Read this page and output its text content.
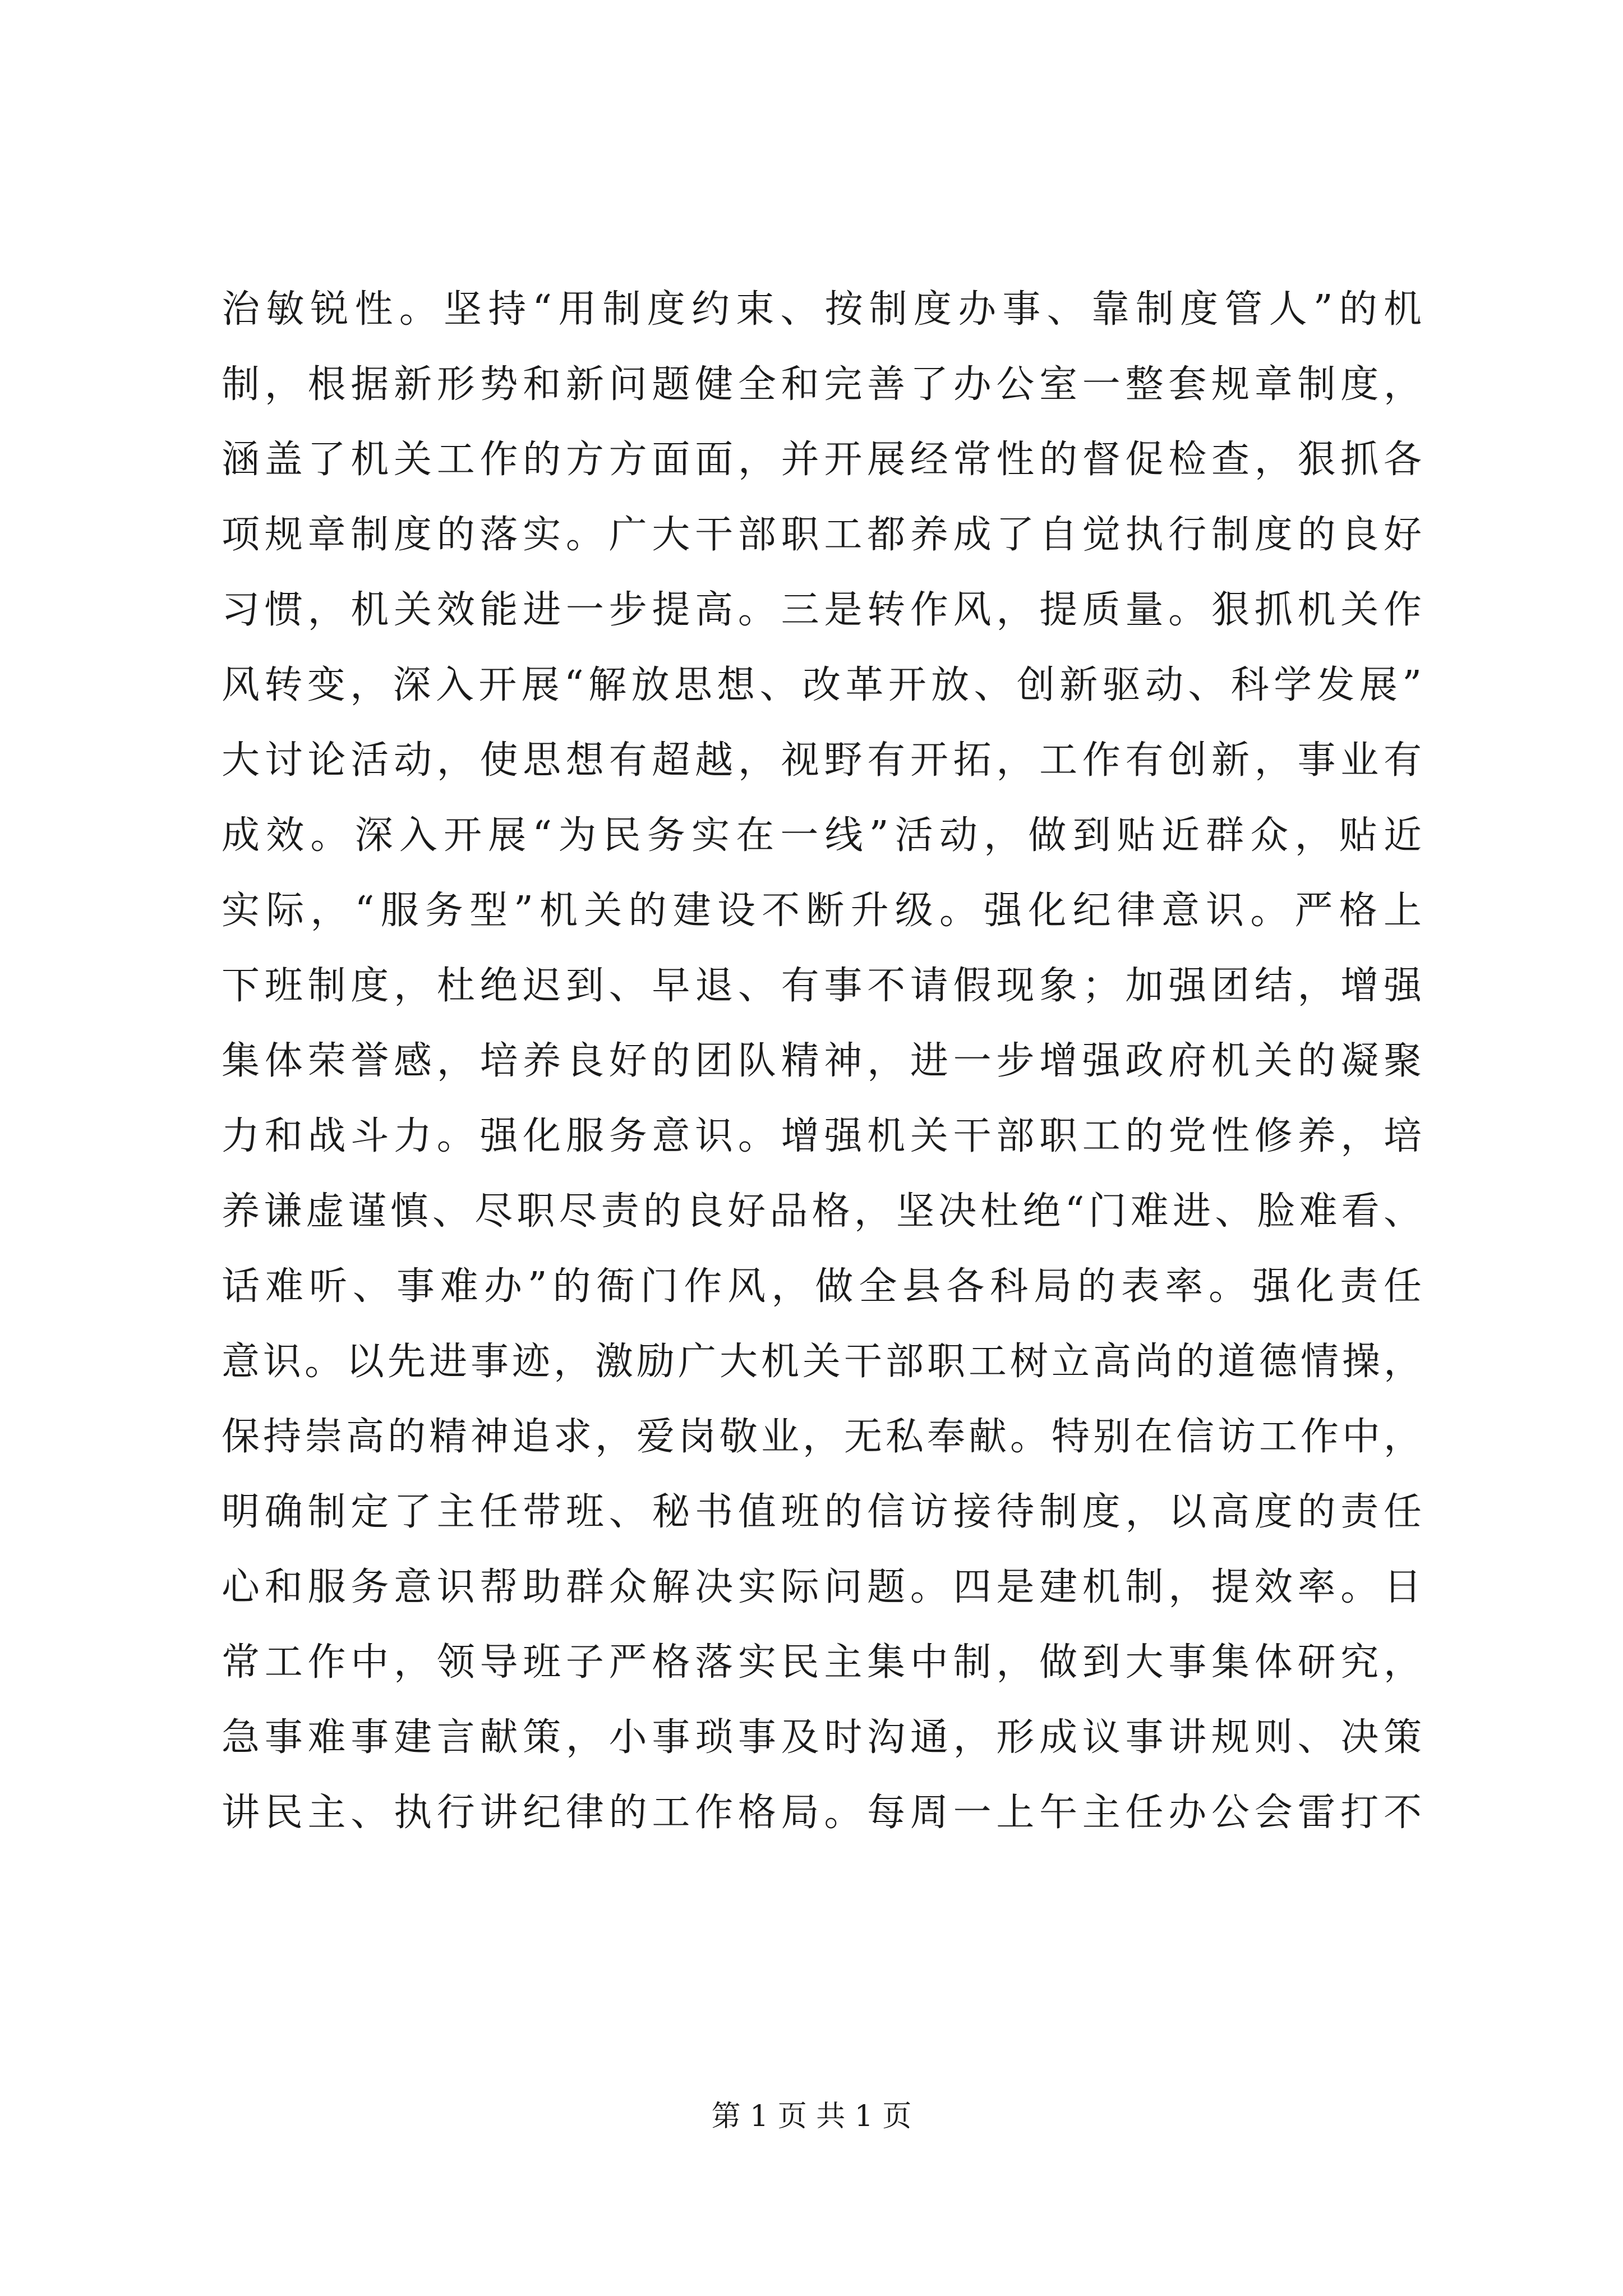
治敏锐性。坚持“用制度约束、按制度办事、靠制度管人”的机
制，根据新形势和新问题健全和完善了办公室一整套规章制度，
涵盖了机关工作的方方面面，并开展经常性的督促检查，狠抓各
项规章制度的落实。广大干部职工都养成了自觉执行制度的良好
习惯，机关效能进一步提高。三是转作风，提质量。狠抓机关作
风转变，深入开展“解放思想、改革开放、创新驱动、科学发展”
大讨论活动，使思想有超越，视野有开拓，工作有创新，事业有
成效。深入开展“为民务实在一线”活动，做到贴近群众，贴近
实际，“服务型”机关的建设不断升级。强化纪律意识。严格上
下班制度，杜绝迟到、早退、有事不请假现象；加强团结，增强
集体荣誉感，培养良好的团队精神，进一步增强政府机关的凝聚
力和战斗力。强化服务意识。增强机关干部职工的党性修养，培
养谦虚谨慎、尽职尽责的良好品格，坚决杜绝“门难进、脸难看、
话难听、事难办”的衙门作风，做全县各科局的表率。强化责任
意识。以先进事迹，激励广大机关干部职工树立高尚的道德情操，
保持崇高的精神追求，爱岗敬业，无私奉献。特别在信访工作中，
明确制定了主任带班、秘书值班的信访接待制度，以高度的责任
心和服务意识帮助群众解决实际问题。四是建机制，提效率。日
常工作中，领导班子严格落实民主集中制，做到大事集体研究，
急事难事建言献策，小事琐事及时沟通，形成议事讲规则、决策
讲民主、执行讲纪律的工作格局。每周一上午主任办公会雷打不
第 1 页 共 1 页
